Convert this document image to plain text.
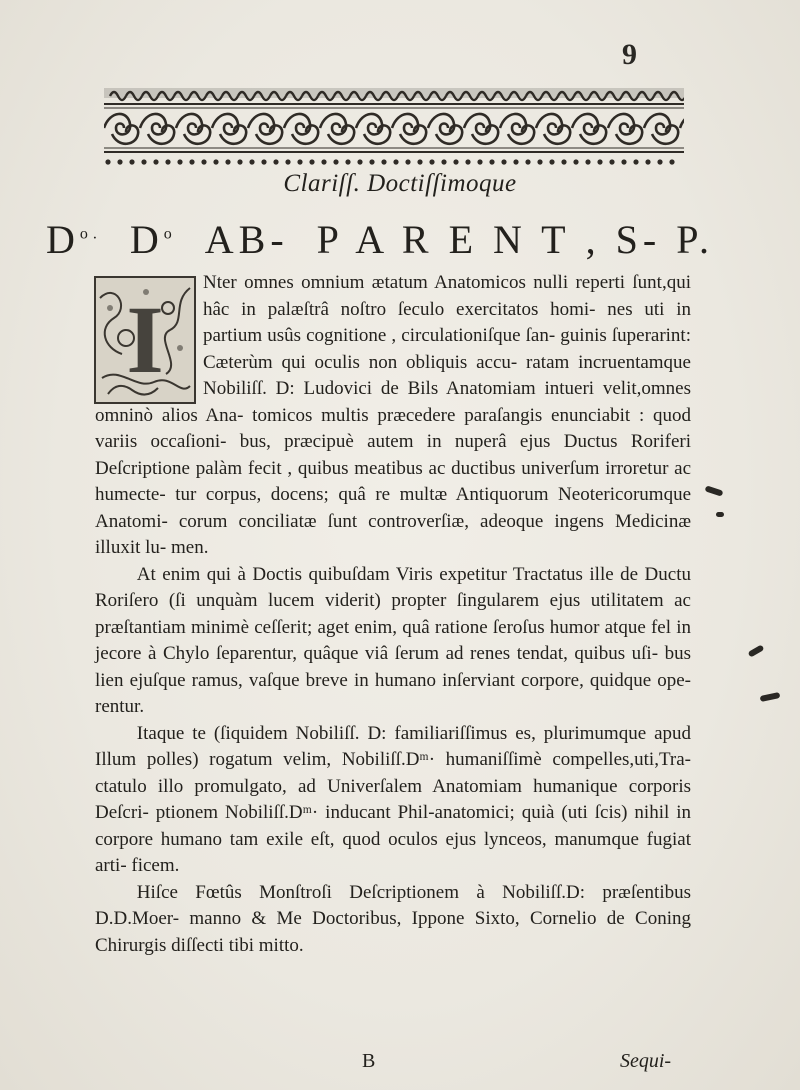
9
Clariſſ. Doctiſſimoque
$D^{o.}$ $D^o$ AB- P A R E N T , S- P.
I

Nter omnes omnium ætatum Anatomicos nulli reperti ſunt,qui hâc in palæſtrâ noſtro ſeculo exercitatos homi- nes uti in partium usûs cognitione , circulationiſque ſan- guinis ſuperarint: Cæterùm qui oculis non obliquis accu- ratam incruentamque Nobiliſſ. D: Ludovici de Bils Anatomiam intueri velit,omnes omninò alios Ana- tomicos multis præcedere paraſangis enunciabit : quod variis occaſioni- bus, præcipuè autem in nuperâ ejus Ductus Roriferi Deſcriptione palàm fecit , quibus meatibus ac ductibus univerſum irroretur ac humecte- tur corpus, docens; quâ re multæ Antiquorum Neotericorumque Anatomi- corum conciliatæ ſunt controverſiæ, adeoque ingens Medicinæ illuxit lu- men.

At enim qui à Doctis quibuſdam Viris expetitur Tractatus ille de Ductu Roriſero (ſi unquàm lucem viderit) propter ſingularem ejus utilitatem ac præſtantiam minimè ceſſerit; aget enim, quâ ratione ſeroſus humor atque fel in jecore à Chylo ſeparentur, quâque viâ ſerum ad renes tendat, quibus uſi- bus lien ejuſque ramus, vaſque breve in humano inſerviant corpore, quidque ope- rentur.

Itaque te (ſiquidem Nobiliſſ. D: familiariſſimus es, plurimumque apud Illum polles) rogatum velim, Nobiliſſ.Dᵐ· humaniſſimè compelles,uti,Tra- ctatulo illo promulgato, ad Univerſalem Anatomiam humanique corporis Deſcri- ptionem Nobiliſſ.Dᵐ· inducant Phil-anatomici; quià (uti ſcis) nihil in corpore humano tam exile eſt, quod oculos ejus lynceos, manumque fugiat arti- ficem.

Hiſce Fœtûs Monſtroſi Deſcriptionem à Nobiliſſ.D: præſentibus D.D.Moer- manno & Me Doctoribus, Ippone Sixto, Cornelio de Coning Chirurgis diſſecti tibi mitto.

B	Sequi-
